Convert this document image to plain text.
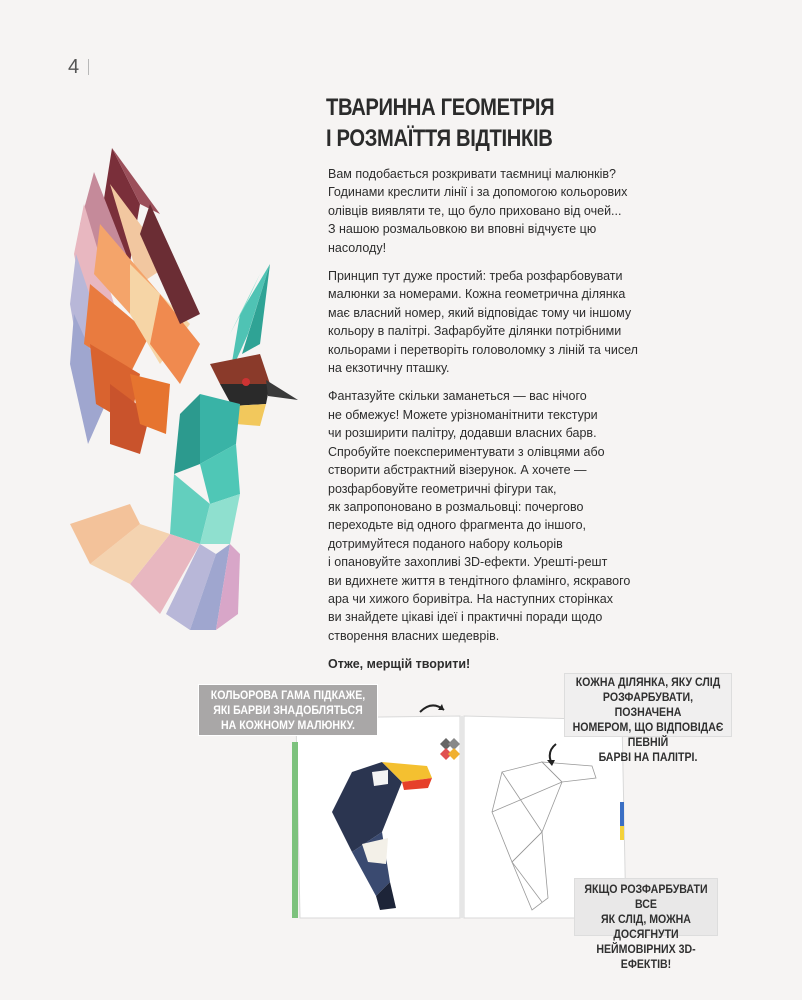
4
ТВАРИННА ГЕОМЕТРІЯ
І РОЗМАЇТТЯ ВІДТІНКІВ

Вам подобається розкривати таємниці малюнків?
Годинами креслити лінії і за допомогою кольорових
олівців виявляти те, що було приховано від очей...
З нашою розмальовкою ви вповні відчуєте цю
насолоду!

Принцип тут дуже простий: треба розфарбовувати
малюнки за номерами. Кожна геометрична ділянка
має власний номер, який відповідає тому чи іншому
кольору в палітрі. Зафарбуйте ділянки потрібними
кольорами і перетворіть головоломку з ліній та чисел
на екзотичну пташку.

Фантазуйте скільки заманеться — вас нічого
не обмежує! Можете урізноманітнити текстури
чи розширити палітру, додавши власних барв.
Спробуйте поекспериментувати з олівцями або
створити абстрактний візерунок. А хочете —
розфарбовуйте геометричні фігури так,
як запропоновано в розмальовці: почергово
переходьте від одного фрагмента до іншого,
дотримуйтеся поданого набору кольорів
і опановуйте захопливі 3D-ефекти. Урешті-решт
ви вдихнете життя в тендітного фламінго, яскравого
ара чи хижого боривітра. На наступних сторінках
ви знайдете цікаві ідеї і практичні поради щодо
створення власних шедеврів.

Отже, мерщій творити!

КОЛЬОРОВА ГАМА ПІДКАЖЕ,
ЯКІ БАРВИ ЗНАДОБЛЯТЬСЯ
НА КОЖНОМУ МАЛЮНКУ.
КОЖНА ДІЛЯНКА, ЯКУ СЛІД
РОЗФАРБУВАТИ, ПОЗНАЧЕНА
НОМЕРОМ, ЩО ВІДПОВІДАЄ ПЕВНІЙ
БАРВІ НА ПАЛІТРІ.
ЯКЩО РОЗФАРБУВАТИ ВСЕ
ЯК СЛІД, МОЖНА ДОСЯГНУТИ
НЕЙМОВІРНИХ 3D-ЕФЕКТІВ!
